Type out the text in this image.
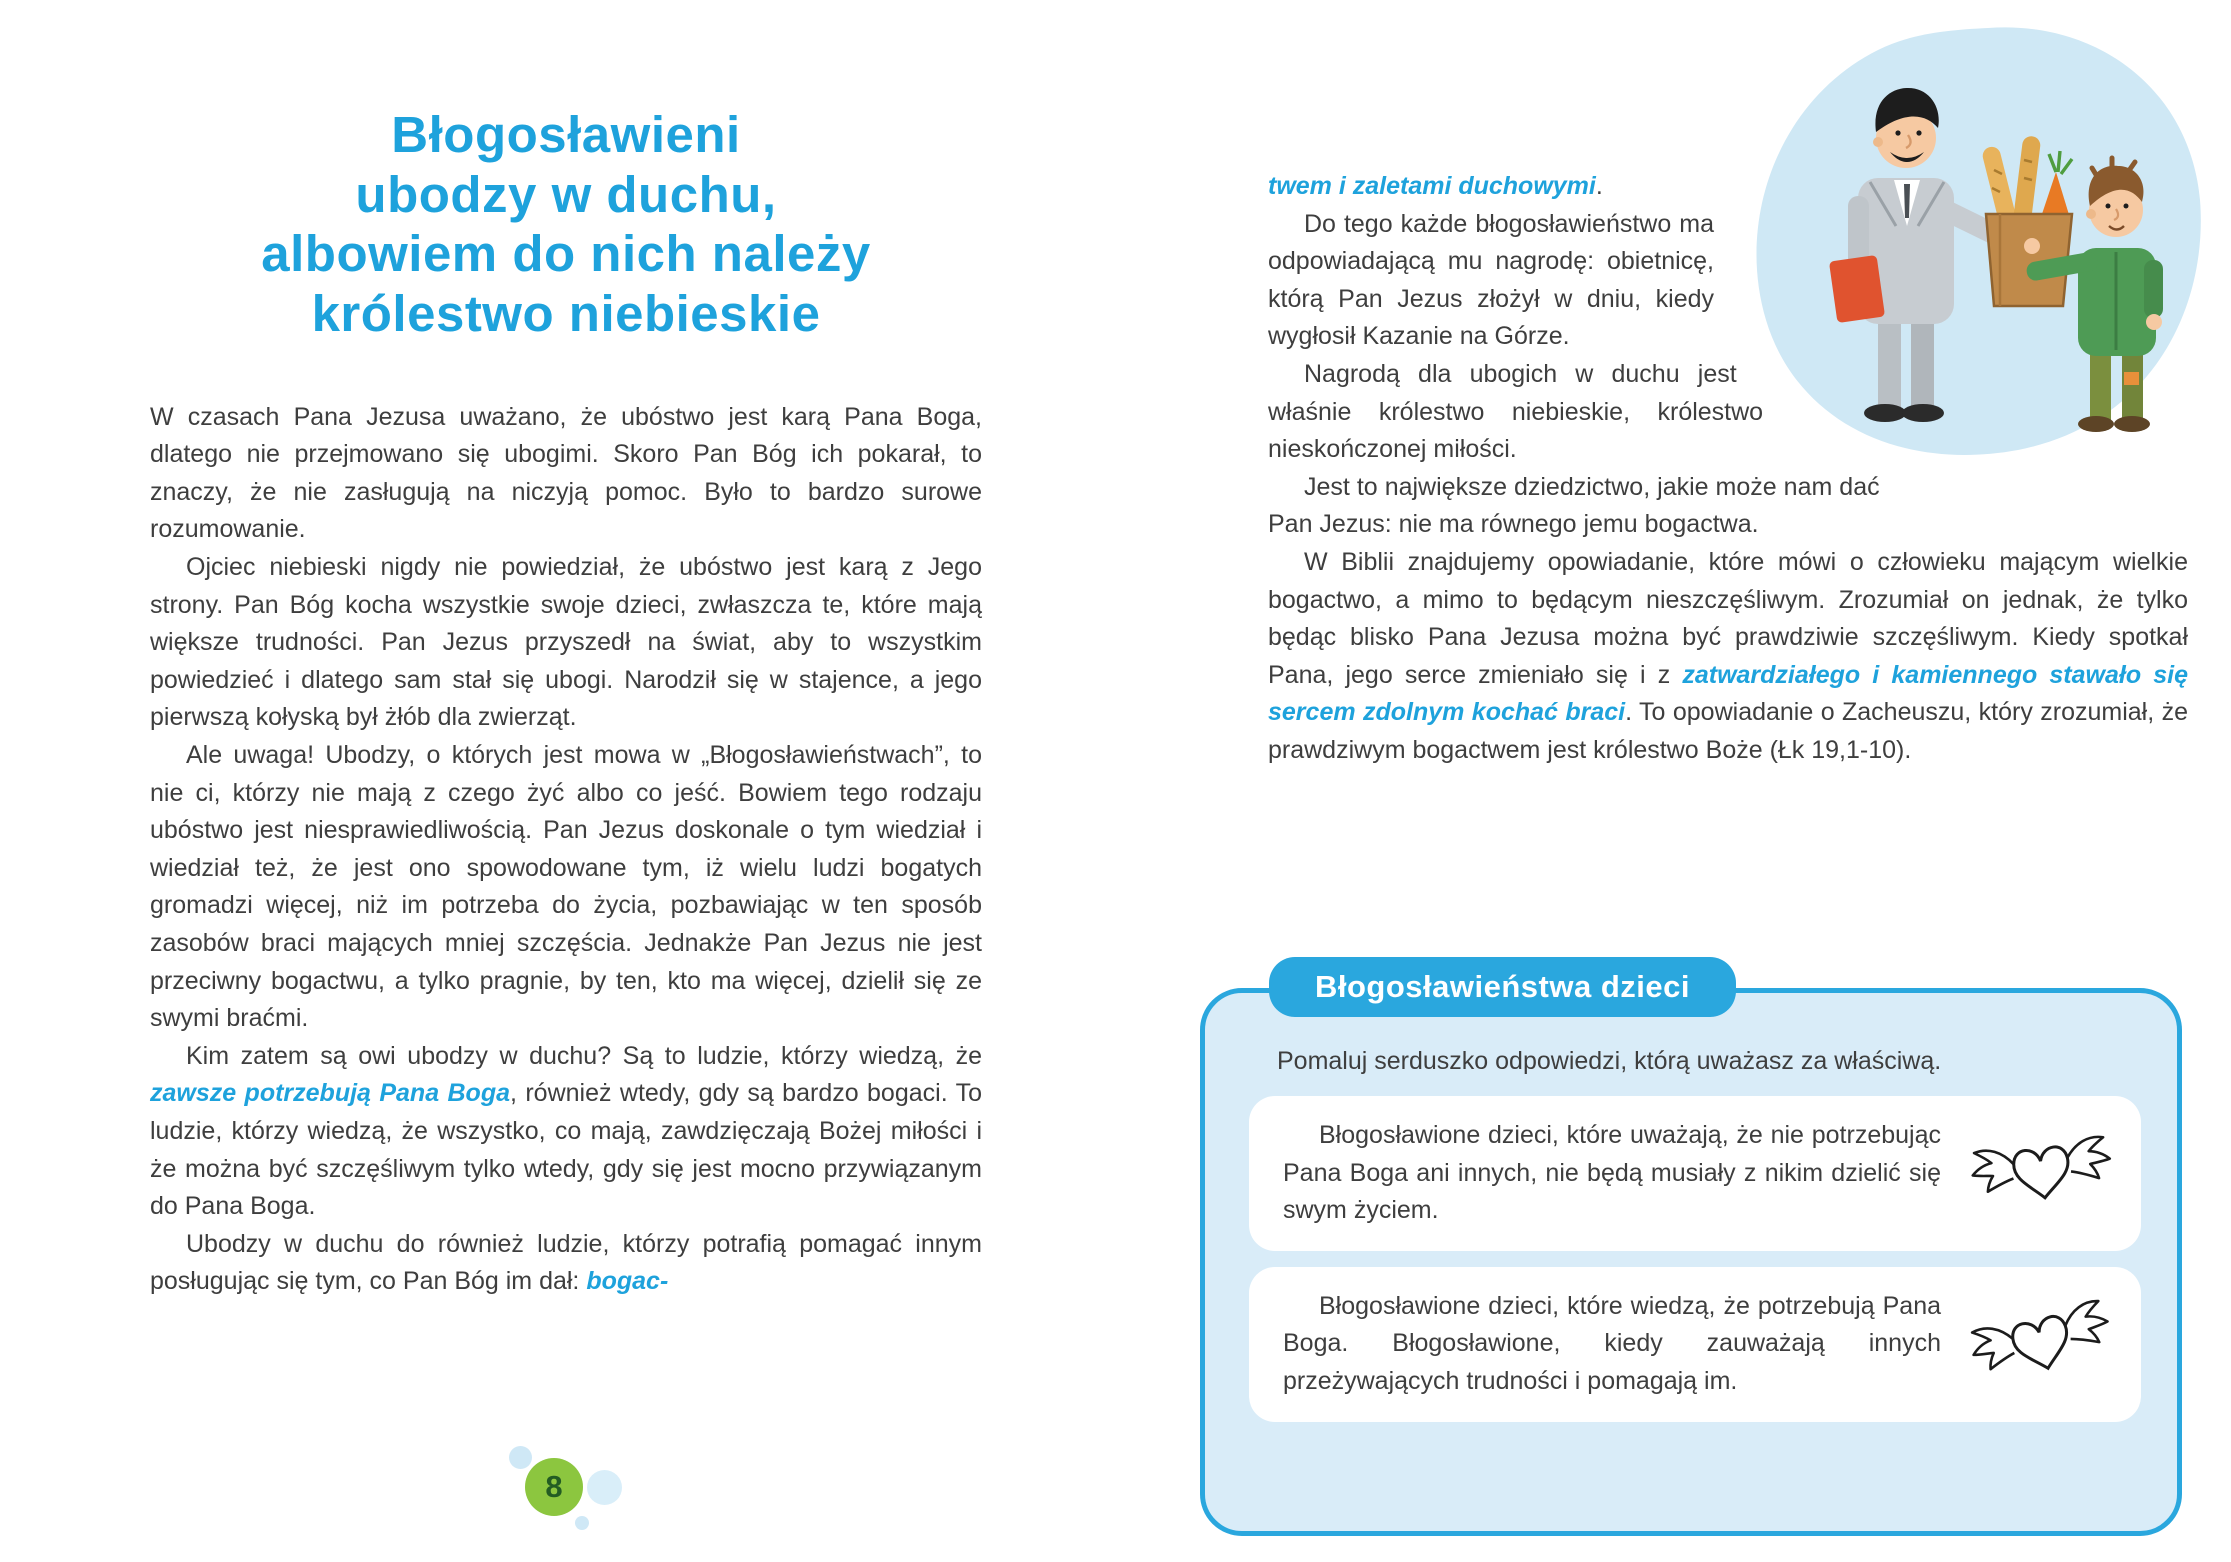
Błogosławieni
ubodzy w duchu,
albowiem do nich należy
królestwo niebieskie

W czasach Pana Jezusa uważano, że ubóstwo jest karą Pana Boga, dlatego nie przejmowano się ubogimi. Skoro Pan Bóg ich pokarał, to znaczy, że nie zasługują na niczyją pomoc. Było to bardzo surowe rozumowanie.

Ojciec niebieski nigdy nie powiedział, że ubóstwo jest karą z Jego strony. Pan Bóg kocha wszystkie swoje dzieci, zwłaszcza te, które mają większe trudności. Pan Jezus przyszedł na świat, aby to wszystkim powiedzieć i dlatego sam stał się ubogi. Narodził się w stajence, a jego pierwszą kołyską był żłób dla zwierząt.

Ale uwaga! Ubodzy, o których jest mowa w „Błogosławieństwach”, to nie ci, którzy nie mają z czego żyć albo co jeść. Bowiem tego rodzaju ubóstwo jest niesprawiedliwością. Pan Jezus doskonale o tym wiedział i wiedział też, że jest ono spowodowane tym, iż wielu ludzi bogatych gromadzi więcej, niż im potrzeba do życia, pozbawiając w ten sposób zasobów braci mających mniej szczęścia. Jednakże Pan Jezus nie jest przeciwny bogactwu, a tylko pragnie, by ten, kto ma więcej, dzielił się ze swymi braćmi.

Kim zatem są owi ubodzy w duchu? Są to ludzie, którzy wiedzą, że zawsze potrzebują Pana Boga, również wtedy, gdy są bardzo bogaci. To ludzie, którzy wiedzą, że wszystko, co mają, zawdzięczają Bożej miłości i że można być szczęśliwym tylko wtedy, gdy się jest mocno przywiązanym do Pana Boga.

Ubodzy w duchu do również ludzie, którzy potrafią pomagać innym posługując się tym, co Pan Bóg im dał: bogac-

8

twem i zaletami duchowymi.

Do tego każde błogosławieństwo ma odpowiadającą mu nagrodę: obietnicę, którą Pan Jezus złożył w dniu, kiedy wygłosił Kazanie na Górze.

Nagrodą dla ubogich w duchu jest właśnie królestwo niebieskie, królestwo nieskończonej miłości.

Jest to największe dziedzictwo, jakie może nam dać Pan Jezus: nie ma równego jemu bogactwa.

W Biblii znajdujemy opowiadanie, które mówi o człowieku mającym wielkie bogactwo, a mimo to będącym nieszczęśliwym. Zrozumiał on jednak, że tylko będąc blisko Pana Jezusa można być prawdziwie szczęśliwym. Kiedy spotkał Pana, jego serce zmieniało się i z zatwardziałego i kamiennego stawało się sercem zdolnym kochać braci. To opowiadanie o Zacheuszu, który zrozumiał, że prawdziwym bogactwem jest królestwo Boże (Łk 19,1-10).

Błogosławieństwa dzieci

Pomaluj serduszko odpowiedzi, którą uważasz za właściwą.

Błogosławione dzieci, które uważają, że nie potrzebując Pana Boga ani innych, nie będą musiały z nikim dzielić się swym życiem.

Błogosławione dzieci, które wiedzą, że potrzebują Pana Boga. Błogosławione, kiedy zauważają innych przeżywających trudności i pomagają im.
